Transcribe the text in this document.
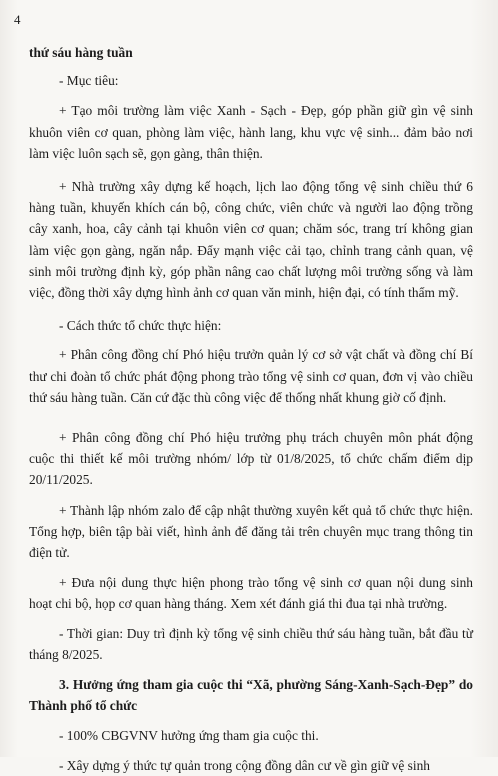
4

thứ sáu hàng tuần

- Mục tiêu:

+ Tạo môi trường làm việc Xanh - Sạch - Đẹp, góp phần giữ gìn vệ sinh khuôn viên cơ quan, phòng làm việc, hành lang, khu vực vệ sinh... đảm bảo nơi làm việc luôn sạch sẽ, gọn gàng, thân thiện.

+ Nhà trường xây dựng kế hoạch, lịch lao động tổng vệ sinh chiều thứ 6 hàng tuần, khuyến khích cán bộ, công chức, viên chức và người lao động trồng cây xanh, hoa, cây cảnh tại khuôn viên cơ quan; chăm sóc, trang trí không gian làm việc gọn gàng, ngăn nắp. Đẩy mạnh việc cải tạo, chỉnh trang cảnh quan, vệ sinh môi trường định kỳ, góp phần nâng cao chất lượng môi trường sống và làm việc, đồng thời xây dựng hình ảnh cơ quan văn minh, hiện đại, có tính thẩm mỹ.

- Cách thức tổ chức thực hiện:

+ Phân công đồng chí Phó hiệu trưởn quản lý cơ sở vật chất và đồng chí Bí thư chi đoàn tổ chức phát động phong trào tổng vệ sinh cơ quan, đơn vị vào chiều thứ sáu hàng tuần. Căn cứ đặc thù công việc để thống nhất khung giờ cố định.

+ Phân công đồng chí Phó hiệu trưởng phụ trách chuyên môn phát động cuộc thi thiết kế môi trường nhóm/ lớp từ 01/8/2025, tổ chức chấm điểm dịp 20/11/2025.

+ Thành lập nhóm zalo để cập nhật thường xuyên kết quả tổ chức thực hiện. Tổng hợp, biên tập bài viết, hình ảnh để đăng tải trên chuyên mục trang thông tin điện tử.

+ Đưa nội dung thực hiện phong trào tổng vệ sinh cơ quan nội dung sinh hoạt chi bộ, họp cơ quan hàng tháng. Xem xét đánh giá thi đua tại nhà trường.

- Thời gian: Duy trì định kỳ tổng vệ sinh chiều thứ sáu hàng tuần, bắt đầu từ tháng 8/2025.

3. Hưởng ứng tham gia cuộc thi “Xã, phường Sáng-Xanh-Sạch-Đẹp” do Thành phố tổ chức

- 100% CBGVNV hưởng ứng tham gia cuộc thi.

- Xây dựng ý thức tự quản trong cộng đồng dân cư về gìn giữ vệ sinh
